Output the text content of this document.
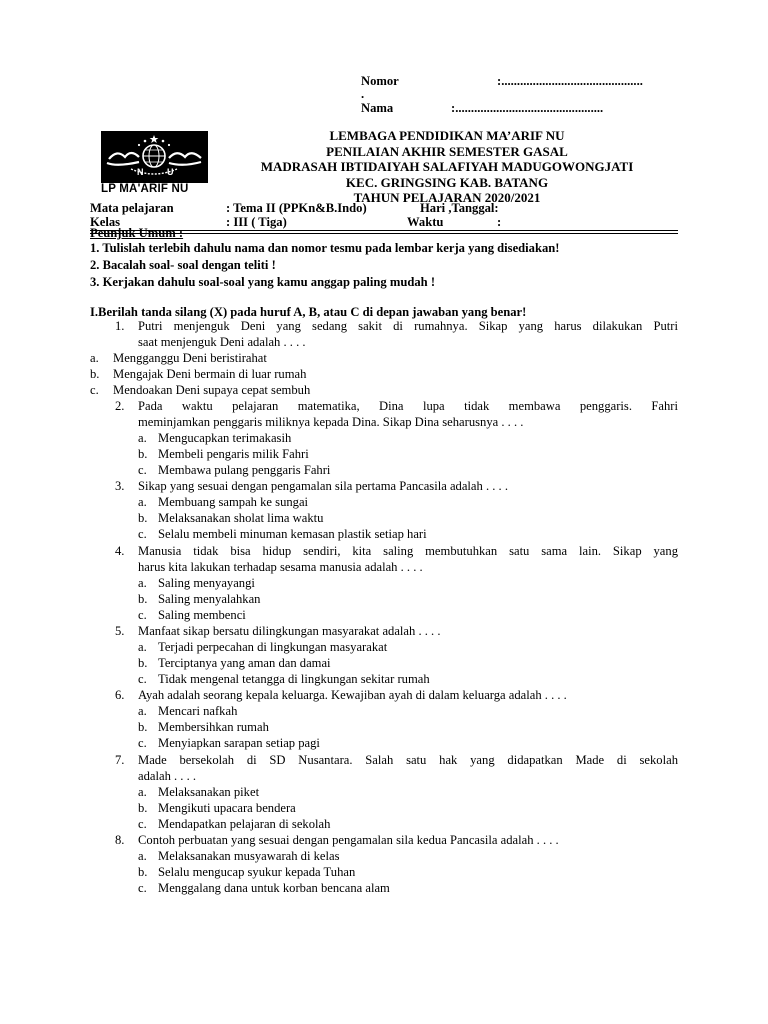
Nomor	:.............................................
.
Nama	:...............................................
N	U
LP MA'ARIF NU
LEMBAGA PENDIDIKAN MA’ARIF NU
PENILAIAN AKHIR SEMESTER GASAL
MADRASAH IBTIDAIYAH SALAFIYAH MADUGOWONGJATI
KEC. GRINGSING KAB. BATANG
TAHUN PELAJARAN 2020/2021
Mata pelajaran	: Tema II (PPKn&B.Indo)	Hari ,Tanggal:
Kelas	: III ( Tiga)	Waktu	:
Peunjuk Umum :
1. Tulislah terlebih dahulu nama dan nomor tesmu pada lembar kerja yang disediakan!
2. Bacalah soal- soal dengan teliti !
3. Kerjakan dahulu soal-soal yang kamu anggap paling mudah !
I.Berilah tanda silang (X) pada huruf A, B, atau C di depan jawaban yang benar!
1. Putri menjenguk Deni yang sedang sakit di rumahnya. Sikap yang harus dilakukan Putri
saat menjenguk Deni adalah . . . .
a. Mengganggu Deni beristirahat
b. Mengajak Deni bermain di luar rumah
c. Mendoakan Deni supaya cepat sembuh
2. Pada waktu pelajaran matematika, Dina lupa tidak membawa penggaris. Fahri
meminjamkan penggaris miliknya kepada Dina. Sikap Dina seharusnya . . . .
a. Mengucapkan terimakasih
b. Membeli pengaris milik Fahri
c. Membawa pulang penggaris Fahri
3. Sikap yang sesuai dengan pengamalan sila pertama Pancasila adalah . . . .
a. Membuang sampah ke sungai
b. Melaksanakan sholat lima waktu
c. Selalu membeli minuman kemasan plastik setiap hari
4. Manusia tidak bisa hidup sendiri, kita saling membutuhkan satu sama lain. Sikap yang
harus kita lakukan terhadap sesama manusia adalah . . . .
a. Saling menyayangi
b. Saling menyalahkan
c. Saling membenci
5. Manfaat sikap bersatu dilingkungan masyarakat adalah . . . .
a. Terjadi perpecahan di lingkungan masyarakat
b. Terciptanya yang aman dan damai
c. Tidak mengenal tetangga di lingkungan sekitar rumah
6. Ayah adalah seorang kepala keluarga. Kewajiban ayah di dalam keluarga adalah . . . .
a. Mencari nafkah
b. Membersihkan rumah
c. Menyiapkan sarapan setiap pagi
7. Made bersekolah di SD Nusantara. Salah satu hak yang didapatkan Made di sekolah
adalah . . . .
a. Melaksanakan piket
b. Mengikuti upacara bendera
c. Mendapatkan pelajaran di sekolah
8. Contoh perbuatan yang sesuai dengan pengamalan sila kedua Pancasila adalah . . . .
a. Melaksanakan musyawarah di kelas
b. Selalu mengucap syukur kepada Tuhan
c. Menggalang dana untuk korban bencana alam
